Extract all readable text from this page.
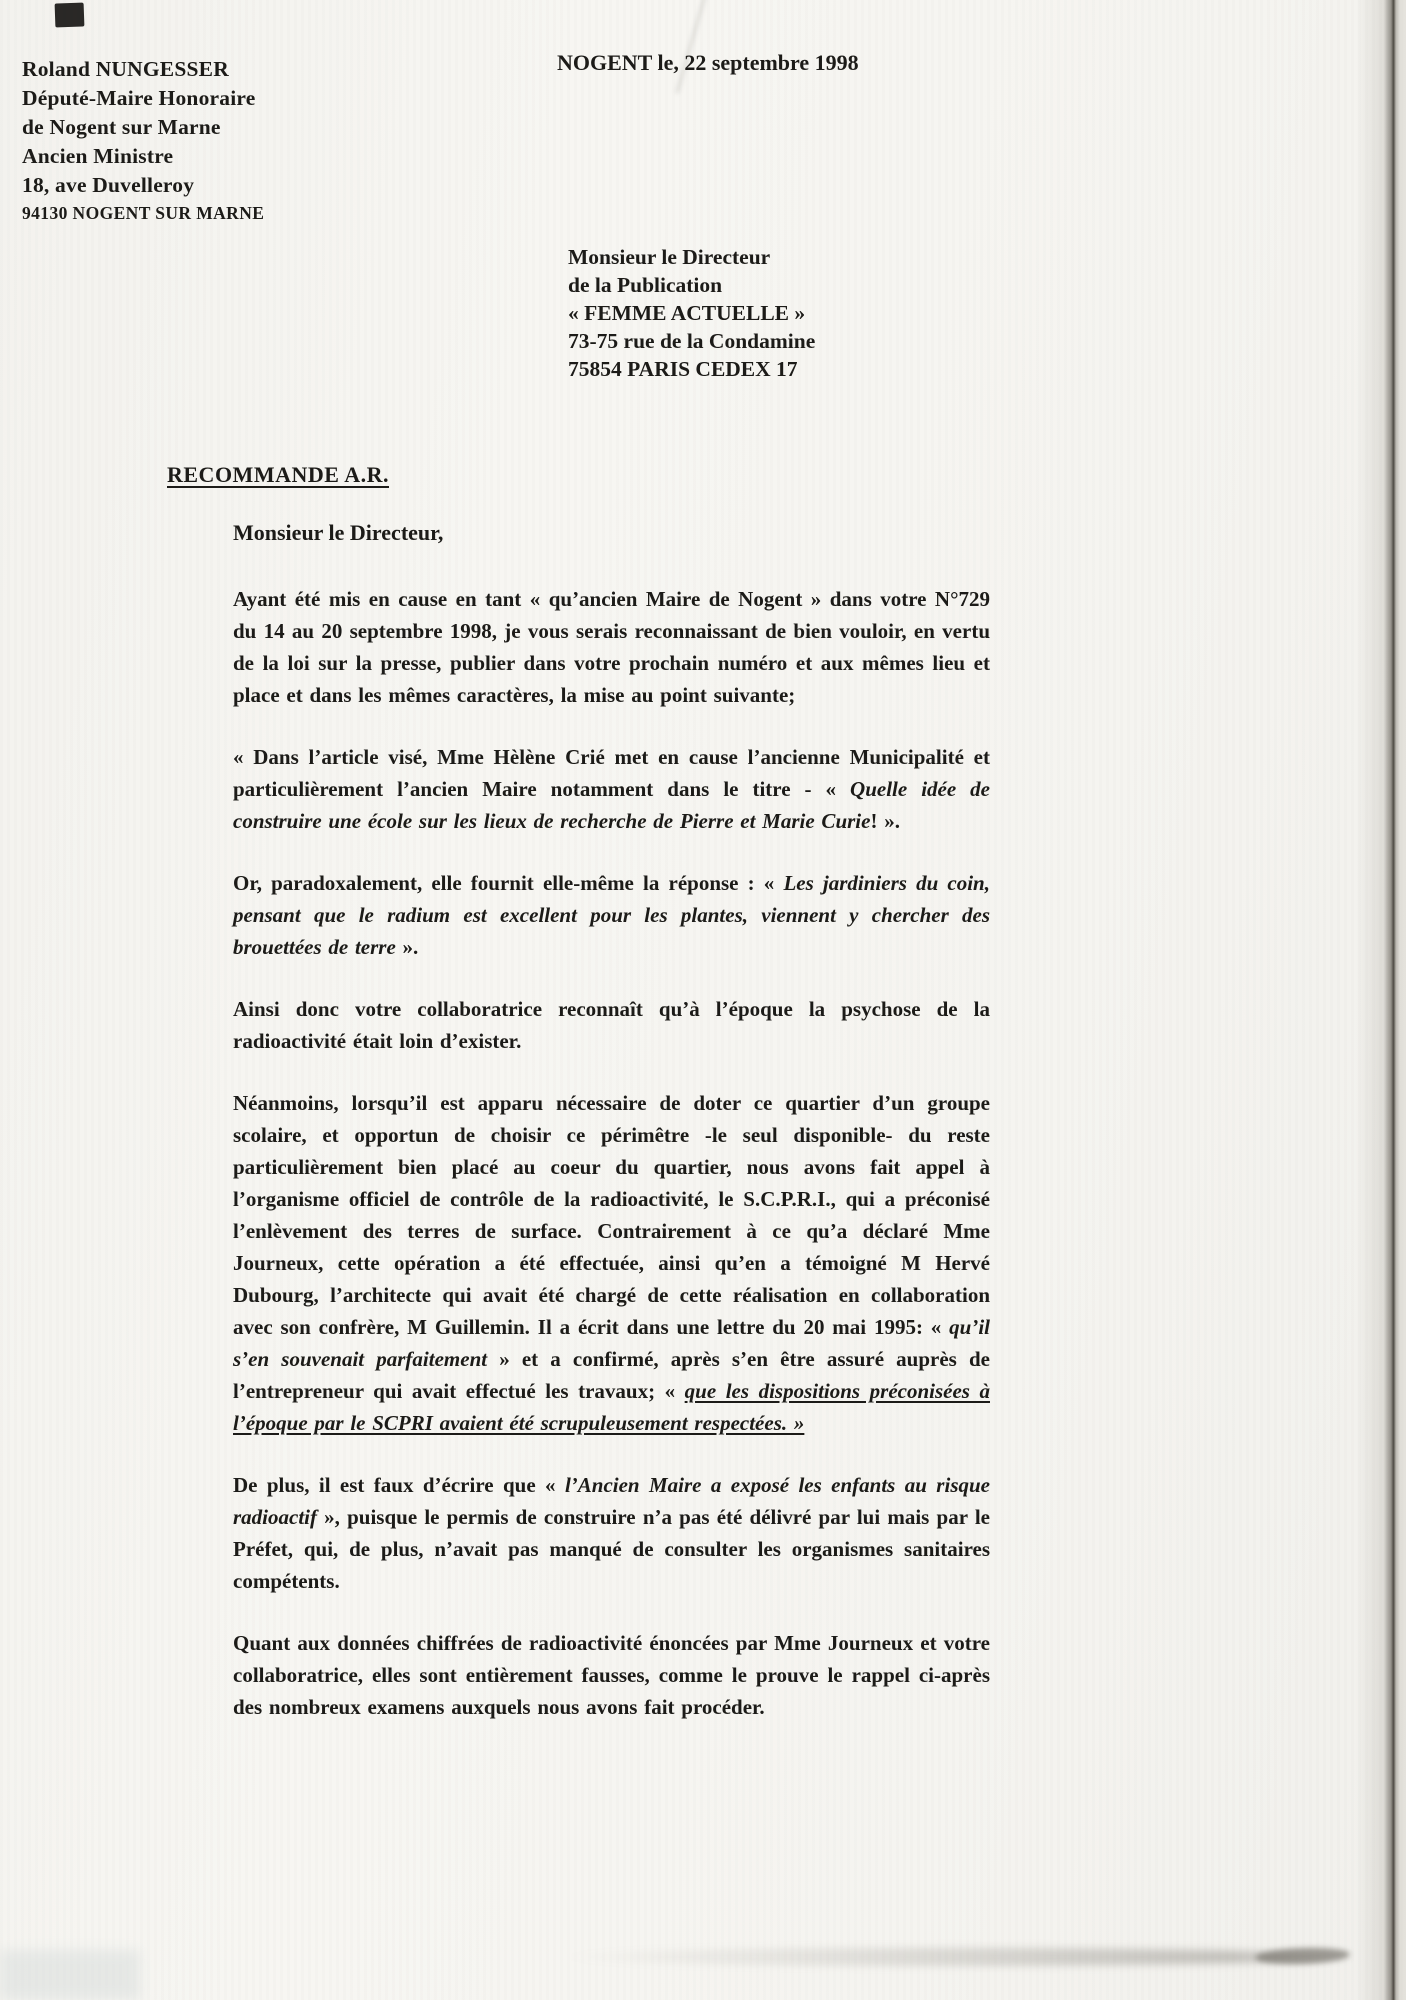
Roland NUNGESSER
Député-Maire Honoraire
de Nogent sur Marne
Ancien Ministre
18, ave Duvelleroy
94130 NOGENT SUR MARNE
NOGENT le, 22 septembre 1998
Monsieur le Directeur
de la Publication
« FEMME ACTUELLE »
73-75 rue de la Condamine
75854 PARIS CEDEX 17
RECOMMANDE A.R.

Monsieur le Directeur,

Ayant été mis en cause en tant « qu’ancien Maire de Nogent » dans votre N°729 du 14 au 20 septembre 1998, je vous serais reconnaissant de bien vouloir, en vertu de la loi sur la presse, publier dans votre prochain numéro et aux mêmes lieu et place et dans les mêmes caractères, la mise au point suivante;

« Dans l’article visé, Mme Hèlène Crié met en cause l’ancienne Municipalité et particulièrement l’ancien Maire notamment dans le titre - « Quelle idée de construire une école sur les lieux de recherche de Pierre et Marie Curie! ».

Or, paradoxalement, elle fournit elle-même la réponse : « Les jardiniers du coin, pensant que le radium est excellent pour les plantes, viennent y chercher des brouettées de terre ».

Ainsi donc votre collaboratrice reconnaît qu’à l’époque la psychose de la radioactivité était loin d’exister.

Néanmoins, lorsqu’il est apparu nécessaire de doter ce quartier d’un groupe scolaire, et opportun de choisir ce périmêtre -le seul disponible- du reste particulièrement bien placé au coeur du quartier, nous avons fait appel à l’organisme officiel de contrôle de la radioactivité, le S.C.P.R.I., qui a préconisé l’enlèvement des terres de surface. Contrairement à ce qu’a déclaré Mme Journeux, cette opération a été effectuée, ainsi qu’en a témoigné M Hervé Dubourg, l’architecte qui avait été chargé de cette réalisation en collaboration avec son confrère, M Guillemin. Il a écrit dans une lettre du 20 mai 1995: « qu’il s’en souvenait parfaitement » et a confirmé, après s’en être assuré auprès de l’entrepreneur qui avait effectué les travaux; « que les dispositions préconisées à l’époque par le SCPRI avaient été scrupuleusement respectées. »

De plus, il est faux d’écrire que « l’Ancien Maire a exposé les enfants au risque radioactif », puisque le permis de construire n’a pas été délivré par lui mais par le Préfet, qui, de plus, n’avait pas manqué de consulter les organismes sanitaires compétents.

Quant aux données chiffrées de radioactivité énoncées par Mme Journeux et votre collaboratrice, elles sont entièrement fausses, comme le prouve le rappel ci-après des nombreux examens auxquels nous avons fait procéder.
